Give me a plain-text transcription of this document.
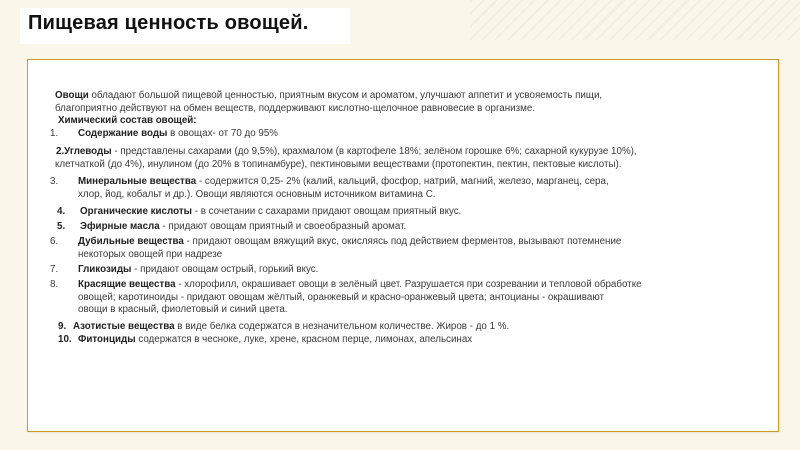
Пищевая ценность овощей.
Овощи обладают большой пищевой ценностью, приятным вкусом и ароматом, улучшают аппетит и усвояемость пищи,
благоприятно действуют на обмен веществ, поддерживают кислотно-щелочное равновесие в организме.
Химический состав овощей:
1. Содержание воды в овощах- от 70 до 95%
2.Углеводы - представлены сахарами (до 9,5%), крахмалом (в картофеле 18%; зелёном горошке 6%; сахарной кукурузе 10%),
клетчаткой (до 4%), инулином (до 20% в топинамбуре), пектиновыми веществами (протопектин, пектин, пектовые кислоты).
3. Минеральные вещества - содержится 0,25- 2% (калий, кальций, фосфор, натрий, магний, железо, марганец, сера,
хлор, йод, кобальт и др.). Овощи являются основным источником витамина С.
4. Органические кислоты - в сочетании с сахарами придают овощам приятный вкус.
5. Эфирные масла - придают овощам приятный и своеобразный аромат.
6. Дубильные вещества - придают овощам вяжущий вкус, окисляясь под действием ферментов, вызывают потемнение
некоторых овощей при надрезе
7. Гликозиды - придают овощам острый, горький вкус.
8. Красящие вещества - хлорофилл, окрашивает овощи в зелёный цвет. Разрушается при созревании и тепловой обработке
овощей; каротиноиды - придают овощам жёлтый, оранжевый и красно-оранжевый цвета; антоцианы - окрашивают
овощи в красный, фиолетовый и синий цвета.
9. Азотистые вещества в виде белка содержатся в незначительном количестве. Жиров - до 1 %.
10. Фитонциды содержатся в чесноке, луке, хрене, красном перце, лимонах, апельсинах
